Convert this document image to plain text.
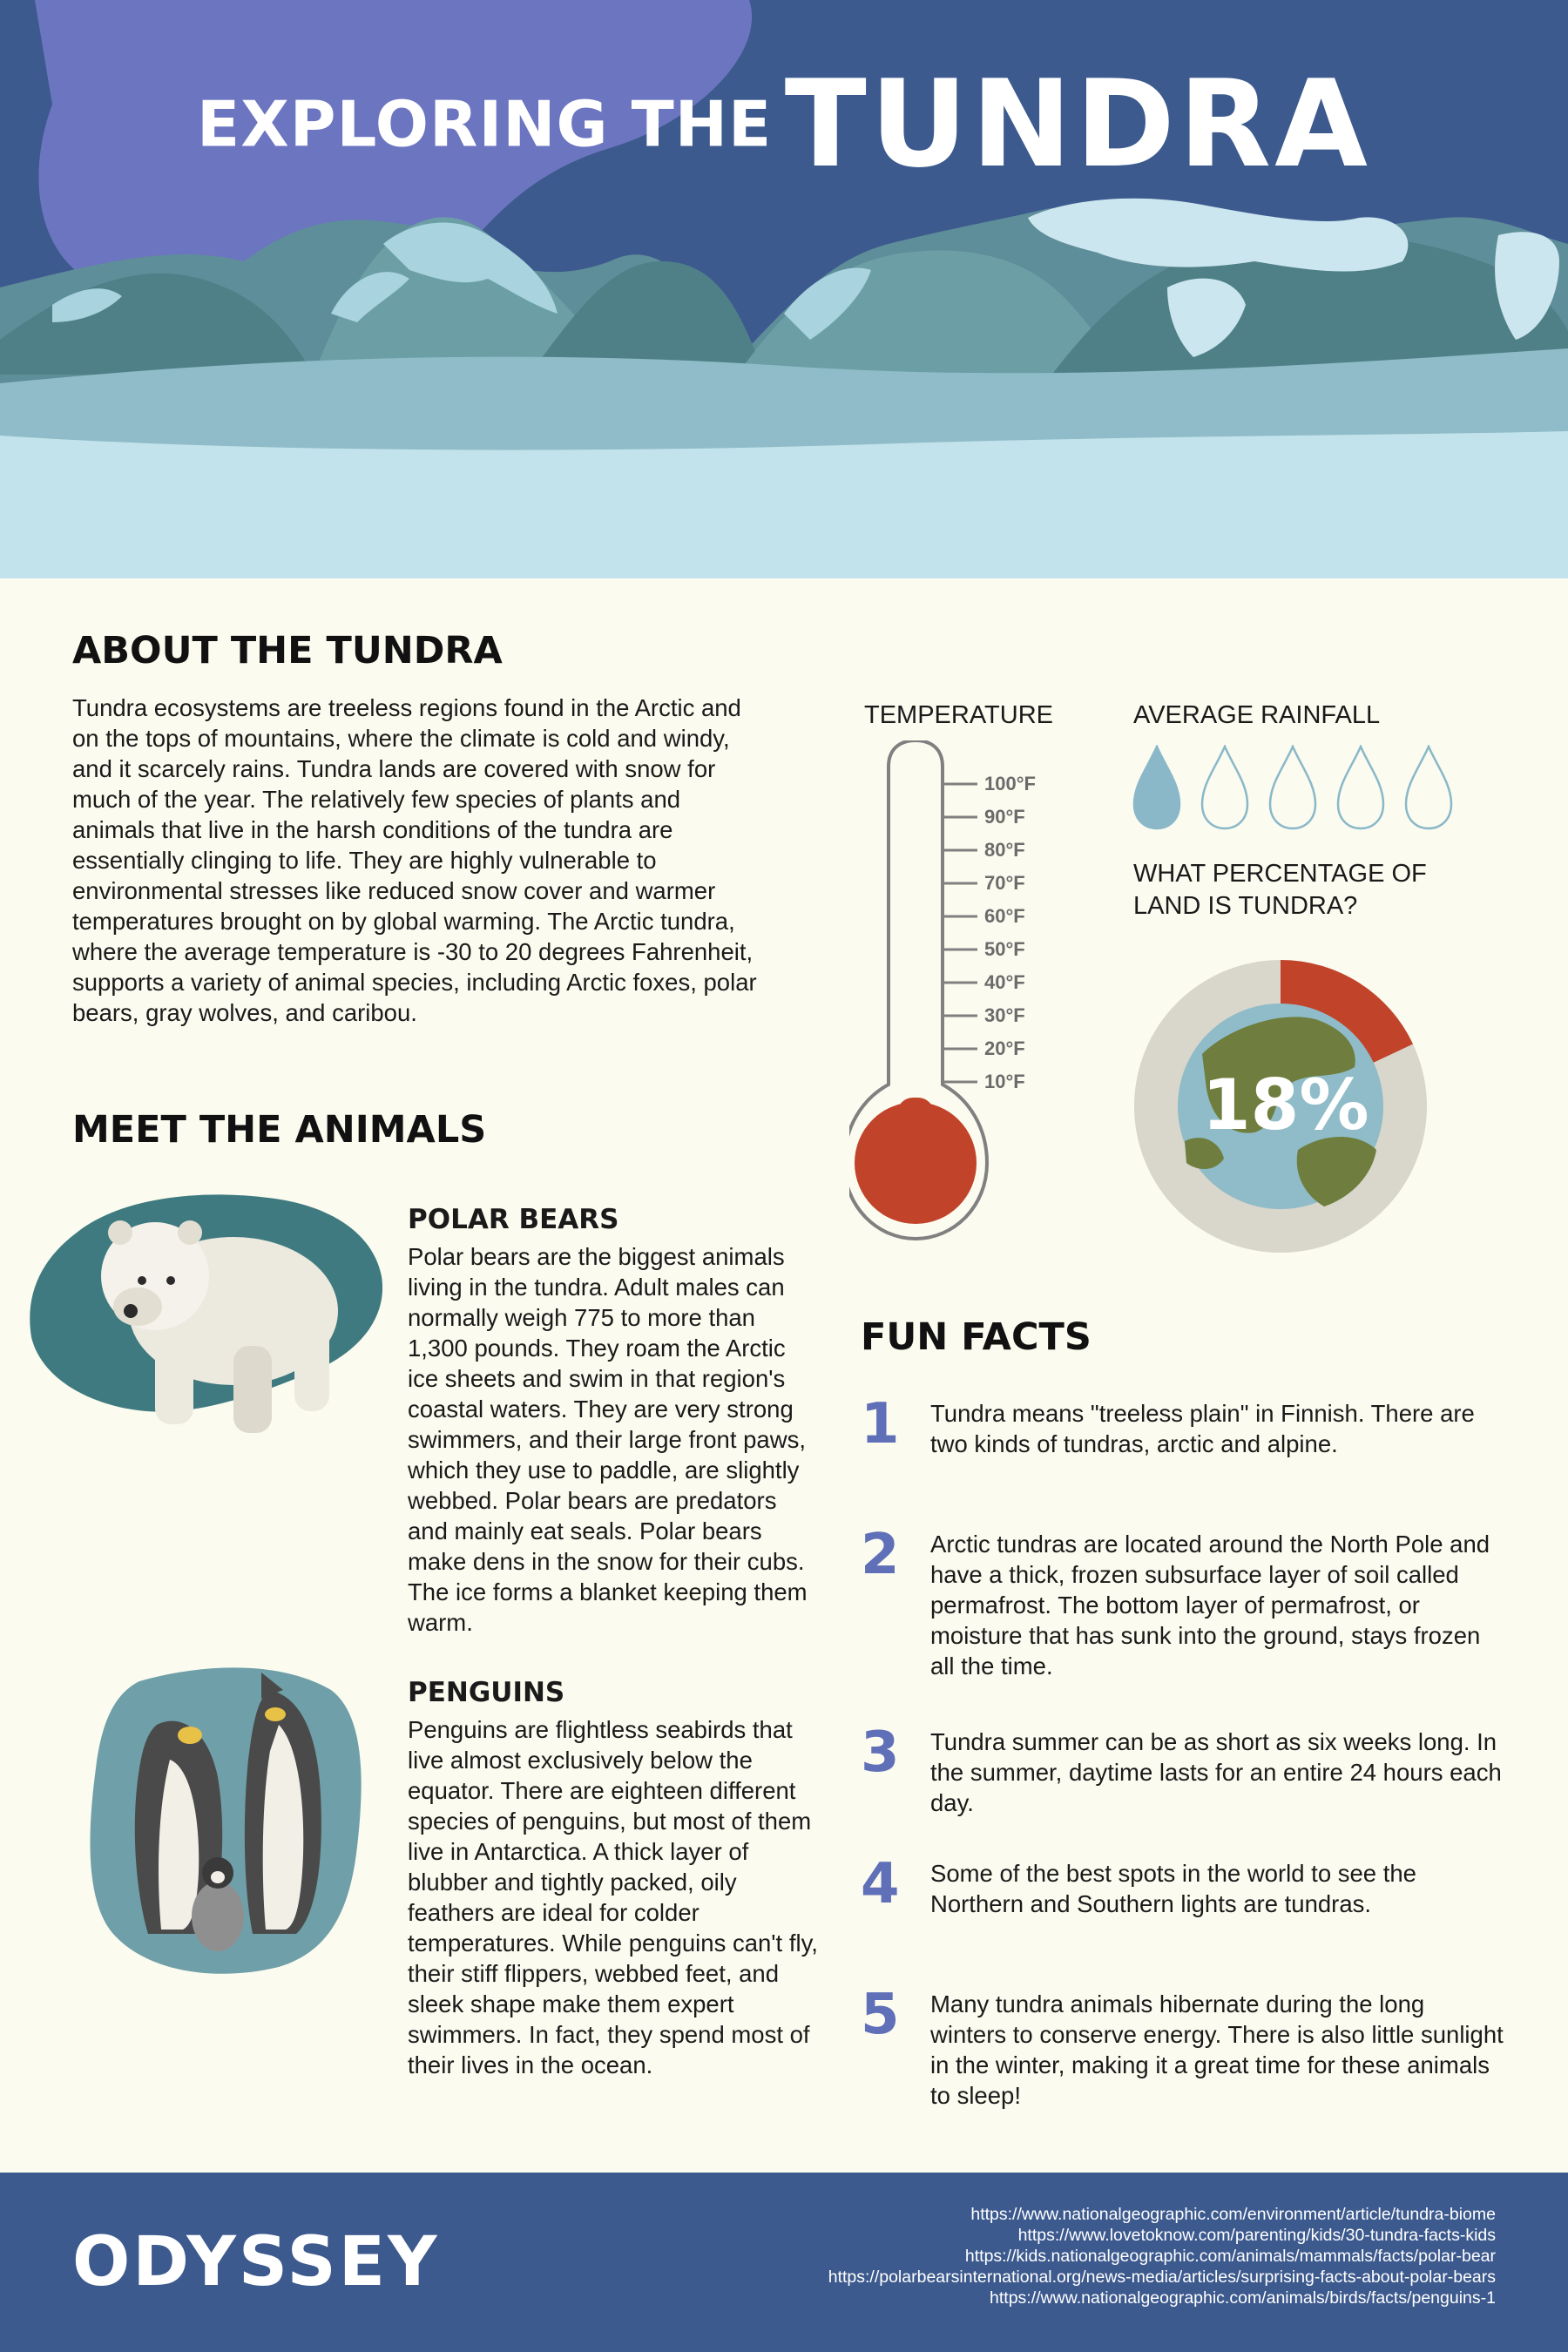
EXPLORING THE TUNDRA
ABOUT THE TUNDRA
Tundra ecosystems are treeless regions found in the Arctic and on the tops of mountains, where the climate is cold and windy, and it scarcely rains. Tundra lands are covered with snow for much of the year. The relatively few species of plants and animals that live in the harsh conditions of the tundra are essentially clinging to life. They are highly vulnerable to environmental stresses like reduced snow cover and warmer temperatures brought on by global warming. The Arctic tundra, where the average temperature is -30 to 20 degrees Fahrenheit, supports a variety of animal species, including Arctic foxes, polar bears, gray wolves, and caribou.
MEET THE ANIMALS
POLAR BEARS
Polar bears are the biggest animals living in the tundra. Adult males can normally weigh 775 to more than 1,300 pounds. They roam the Arctic ice sheets and swim in that region's coastal waters. They are very strong swimmers, and their large front paws, which they use to paddle, are slightly webbed. Polar bears are predators and mainly eat seals. Polar bears make dens in the snow for their cubs. The ice forms a blanket keeping them warm.
PENGUINS
Penguins are flightless seabirds that live almost exclusively below the equator. There are eighteen different species of penguins, but most of them live in Antarctica. A thick layer of blubber and tightly packed, oily feathers are ideal for colder temperatures. While penguins can't fly, their stiff flippers, webbed feet, and sleek shape make them expert swimmers. In fact, they spend most of their lives in the ocean.
TEMPERATURE
100°F
90°F
80°F
70°F
60°F
50°F
40°F
30°F
20°F
10°F
AVERAGE RAINFALL
WHAT PERCENTAGE OF LAND IS TUNDRA?
18%
FUN FACTS
1	Tundra means "treeless plain" in Finnish. There are two kinds of tundras, arctic and alpine.
2	Arctic tundras are located around the North Pole and have a thick, frozen subsurface layer of soil called permafrost. The bottom layer of permafrost, or moisture that has sunk into the ground, stays frozen all the time.
3	Tundra summer can be as short as six weeks long. In the summer, daytime lasts for an entire 24 hours each day.
4	Some of the best spots in the world to see the Northern and Southern lights are tundras.
5	Many tundra animals hibernate during the long winters to conserve energy. There is also little sunlight in the winter, making it a great time for these animals to sleep!
ODYSSEY
https://www.nationalgeographic.com/environment/article/tundra-biome
https://www.lovetoknow.com/parenting/kids/30-tundra-facts-kids
https://kids.nationalgeographic.com/animals/mammals/facts/polar-bear
https://polarbearsinternational.org/news-media/articles/surprising-facts-about-polar-bears
https://www.nationalgeographic.com/animals/birds/facts/penguins-1
